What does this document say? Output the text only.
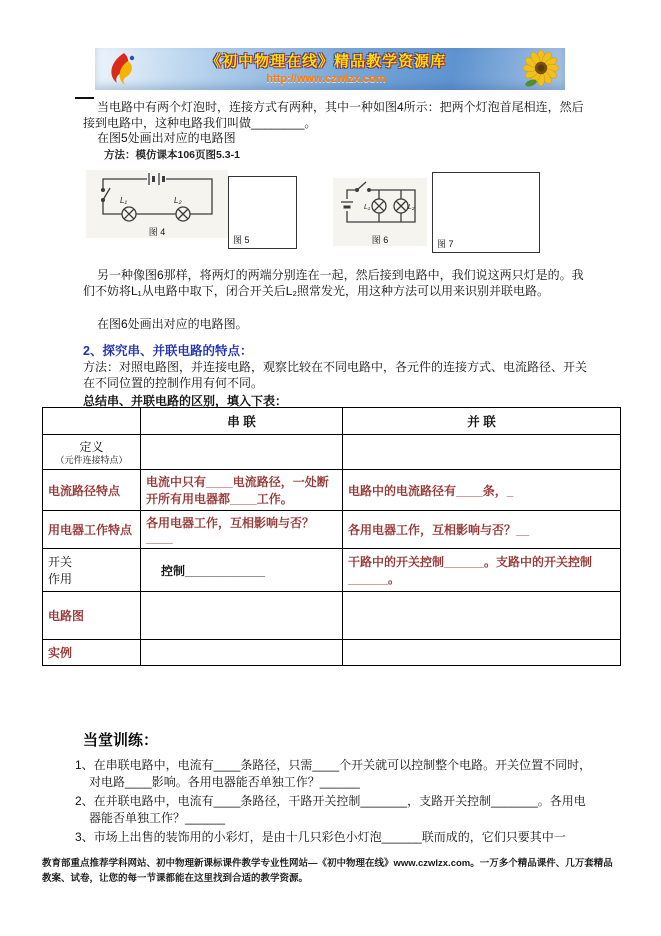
《初中物理在线》精品教学资源库
http://www.czwlzx.com
当电路中有两个灯泡时，连接方式有两种，其中一种如图4所示：把两个灯泡首尾相连，然后接到电路中，这种电路我们叫做________。
在图5处画出对应的电路图
方法：模仿课本106页图5.3-1
L₁	L₂
图 4
图 5
L₁	L₂
图 6	图 7
另一种像图6那样，将两灯的两端分别连在一起，然后接到电路中，我们说这两只灯是的。我们不妨将L₁从电路中取下，闭合开关后L₂照常发光，用这种方法可以用来识别并联电路。
在图6处画出对应的电路图。
2、探究串、并联电路的特点：
方法：对照电路图，并连接电路，观察比较在不同电路中，各元件的连接方式、电流路径、开关在不同位置的控制作用有何不同。
总结串、并联电路的区别，填入下表：
	串 联	并 联

定义
（元件连接特点）		

电流路径特点	电流中只有____电流路径，一处断开所有用电器都____工作。	电路中的电流路径有____条，_
用电器工作特点	各用电器工作，互相影响与否？____	各用电器工作，互相影响与否？__
开关作用	控制____________	干路中的开关控制______。支路中的开关控制______。
电路图		
实例		
当堂训练：

1、在串联电路中，电流有____条路径，只需____个开关就可以控制整个电路。开关位置不同时，对电路____影响。各用电器能否单独工作？______

2、在并联电路中，电流有____条路径，干路开关控制_______，支路开关控制_______。各用电器能否单独工作？______

3、市场上出售的装饰用的小彩灯，是由十几只彩色小灯泡______联而成的，它们只要其中一

教育部重点推荐学科网站、初中物理新课标课件教学专业性网站—《初中物理在线》www.czwlzx.com。一万多个精品课件、几万套精品教案、试卷，让您的每一节课都能在这里找到合适的教学资源。
